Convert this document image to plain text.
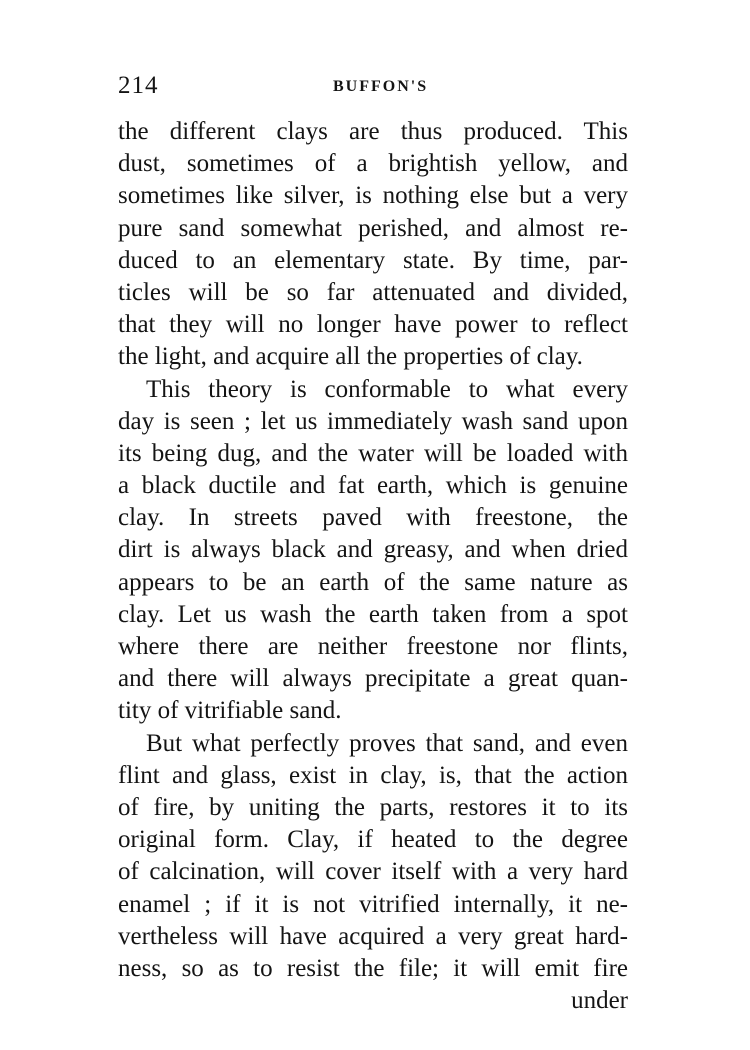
214	BUFFON'S
the different clays are thus produced. This
dust, sometimes of a brightish yellow, and
sometimes like silver, is nothing else but a very
pure sand somewhat perished, and almost re-
duced to an elementary state. By time, par-
ticles will be so far attenuated and divided,
that they will no longer have power to reflect
the light, and acquire all the properties of clay.
This theory is conformable to what every
day is seen ; let us immediately wash sand upon
its being dug, and the water will be loaded with
a black ductile and fat earth, which is genuine
clay. In streets paved with freestone, the
dirt is always black and greasy, and when dried
appears to be an earth of the same nature as
clay. Let us wash the earth taken from a spot
where there are neither freestone nor flints,
and there will always precipitate a great quan-
tity of vitrifiable sand.
But what perfectly proves that sand, and even
flint and glass, exist in clay, is, that the action
of fire, by uniting the parts, restores it to its
original form. Clay, if heated to the degree
of calcination, will cover itself with a very hard
enamel ; if it is not vitrified internally, it ne-
vertheless will have acquired a very great hard-
ness, so as to resist the file; it will emit fire
under
